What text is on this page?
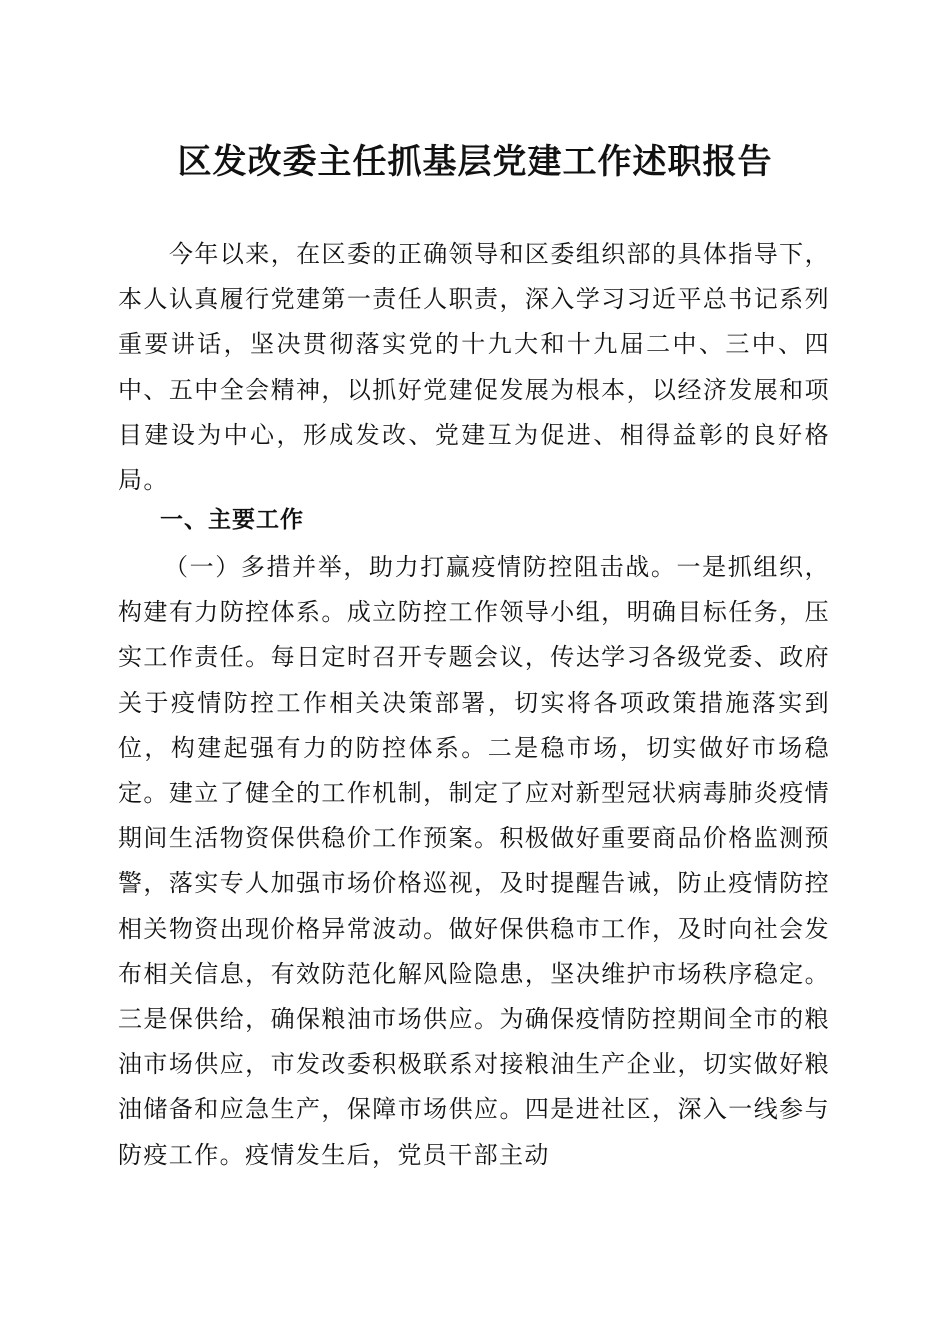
区发改委主任抓基层党建工作述职报告
今年以来，在区委的正确领导和区委组织部的具体指导下，本人认真履行党建第一责任人职责，深入学习习近平总书记系列重要讲话，坚决贯彻落实党的十九大和十九届二中、三中、四中、五中全会精神，以抓好党建促发展为根本，以经济发展和项目建设为中心，形成发改、党建互为促进、相得益彰的良好格局。
一、主要工作
（一）多措并举，助力打赢疫情防控阻击战。一是抓组织，构建有力防控体系。成立防控工作领导小组，明确目标任务，压实工作责任。每日定时召开专题会议，传达学习各级党委、政府关于疫情防控工作相关决策部署，切实将各项政策措施落实到位，构建起强有力的防控体系。二是稳市场，切实做好市场稳定。建立了健全的工作机制，制定了应对新型冠状病毒肺炎疫情期间生活物资保供稳价工作预案。积极做好重要商品价格监测预警，落实专人加强市场价格巡视，及时提醒告诫，防止疫情防控相关物资出现价格异常波动。做好保供稳市工作，及时向社会发布相关信息，有效防范化解风险隐患，坚决维护市场秩序稳定。三是保供给，确保粮油市场供应。为确保疫情防控期间全市的粮油市场供应，市发改委积极联系对接粮油生产企业，切实做好粮油储备和应急生产，保障市场供应。四是进社区，深入一线参与防疫工作。疫情发生后，党员干部主动
